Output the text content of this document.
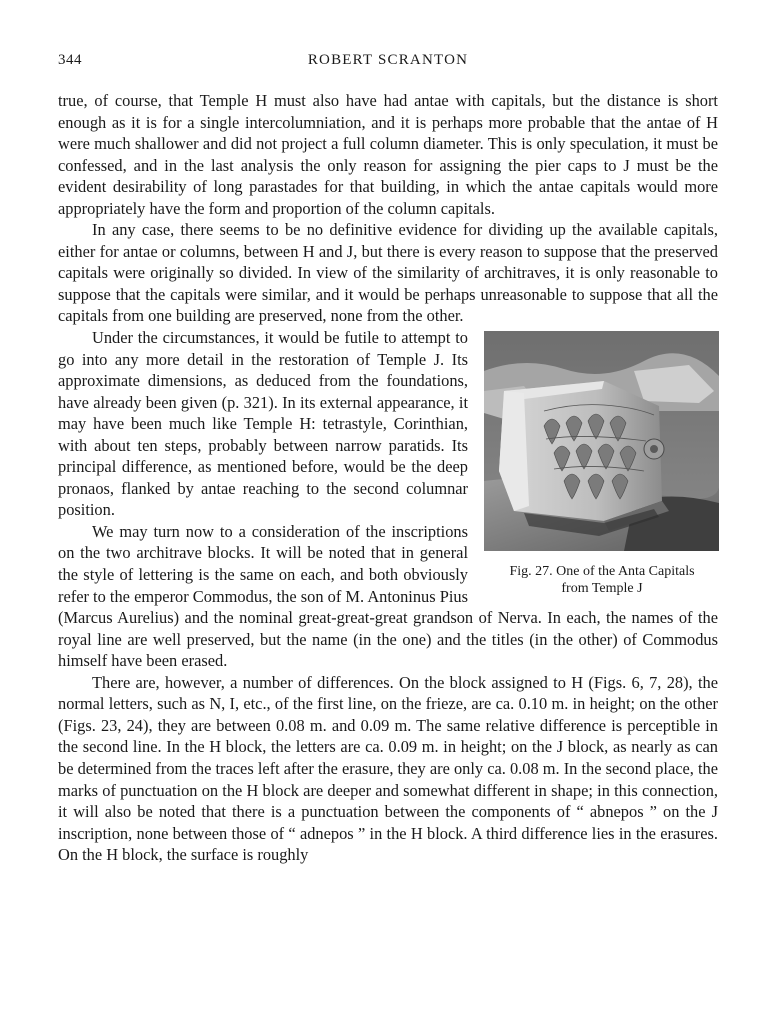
344	ROBERT SCRANTON

true, of course, that Temple H must also have had antae with capitals, but the distance is short enough as it is for a single intercolumniation, and it is perhaps more probable that the antae of H were much shallower and did not project a full column diameter. This is only speculation, it must be confessed, and in the last analysis the only reason for assigning the pier caps to J must be the evident desirability of long parastades for that building, in which the antae capitals would more appropriately have the form and proportion of the column capitals.

In any case, there seems to be no definitive evidence for dividing up the available capitals, either for antae or columns, between H and J, but there is every reason to suppose that the preserved capitals were originally so divided. In view of the similarity of architraves, it is only reasonable to suppose that the capitals were similar, and it would be perhaps unreasonable to suppose that all the capitals from one building are preserved, none from the other.

Fig. 27. One of the Anta Capitals
from Temple J

Under the circumstances, it would be futile to attempt to go into any more detail in the restoration of Temple J. Its approximate dimensions, as deduced from the foundations, have already been given (p. 321). In its external appearance, it may have been much like Temple H: tetrastyle, Corinthian, with about ten steps, probably between narrow paratids. Its principal difference, as mentioned before, would be the deep pronaos, flanked by antae reaching to the second columnar position.

We may turn now to a consideration of the inscriptions on the two architrave blocks. It will be noted that in general the style of lettering is the same on each, and both obviously refer to the emperor Commodus, the son of M. Antoninus Pius (Marcus Aurelius) and the nominal great-great-great grandson of Nerva. In each, the names of the royal line are well preserved, but the name (in the one) and the titles (in the other) of Commodus himself have been erased.

There are, however, a number of differences. On the block assigned to H (Figs. 6, 7, 28), the normal letters, such as N, I, etc., of the first line, on the frieze, are ca. 0.10 m. in height; on the other (Figs. 23, 24), they are between 0.08 m. and 0.09 m. The same relative difference is perceptible in the second line. In the H block, the letters are ca. 0.09 m. in height; on the J block, as nearly as can be determined from the traces left after the erasure, they are only ca. 0.08 m. In the second place, the marks of punctuation on the H block are deeper and somewhat different in shape; in this connection, it will also be noted that there is a punctuation between the components of “ abnepos ” on the J inscription, none between those of “ adnepos ” in the H block. A third difference lies in the erasures. On the H block, the surface is roughly
